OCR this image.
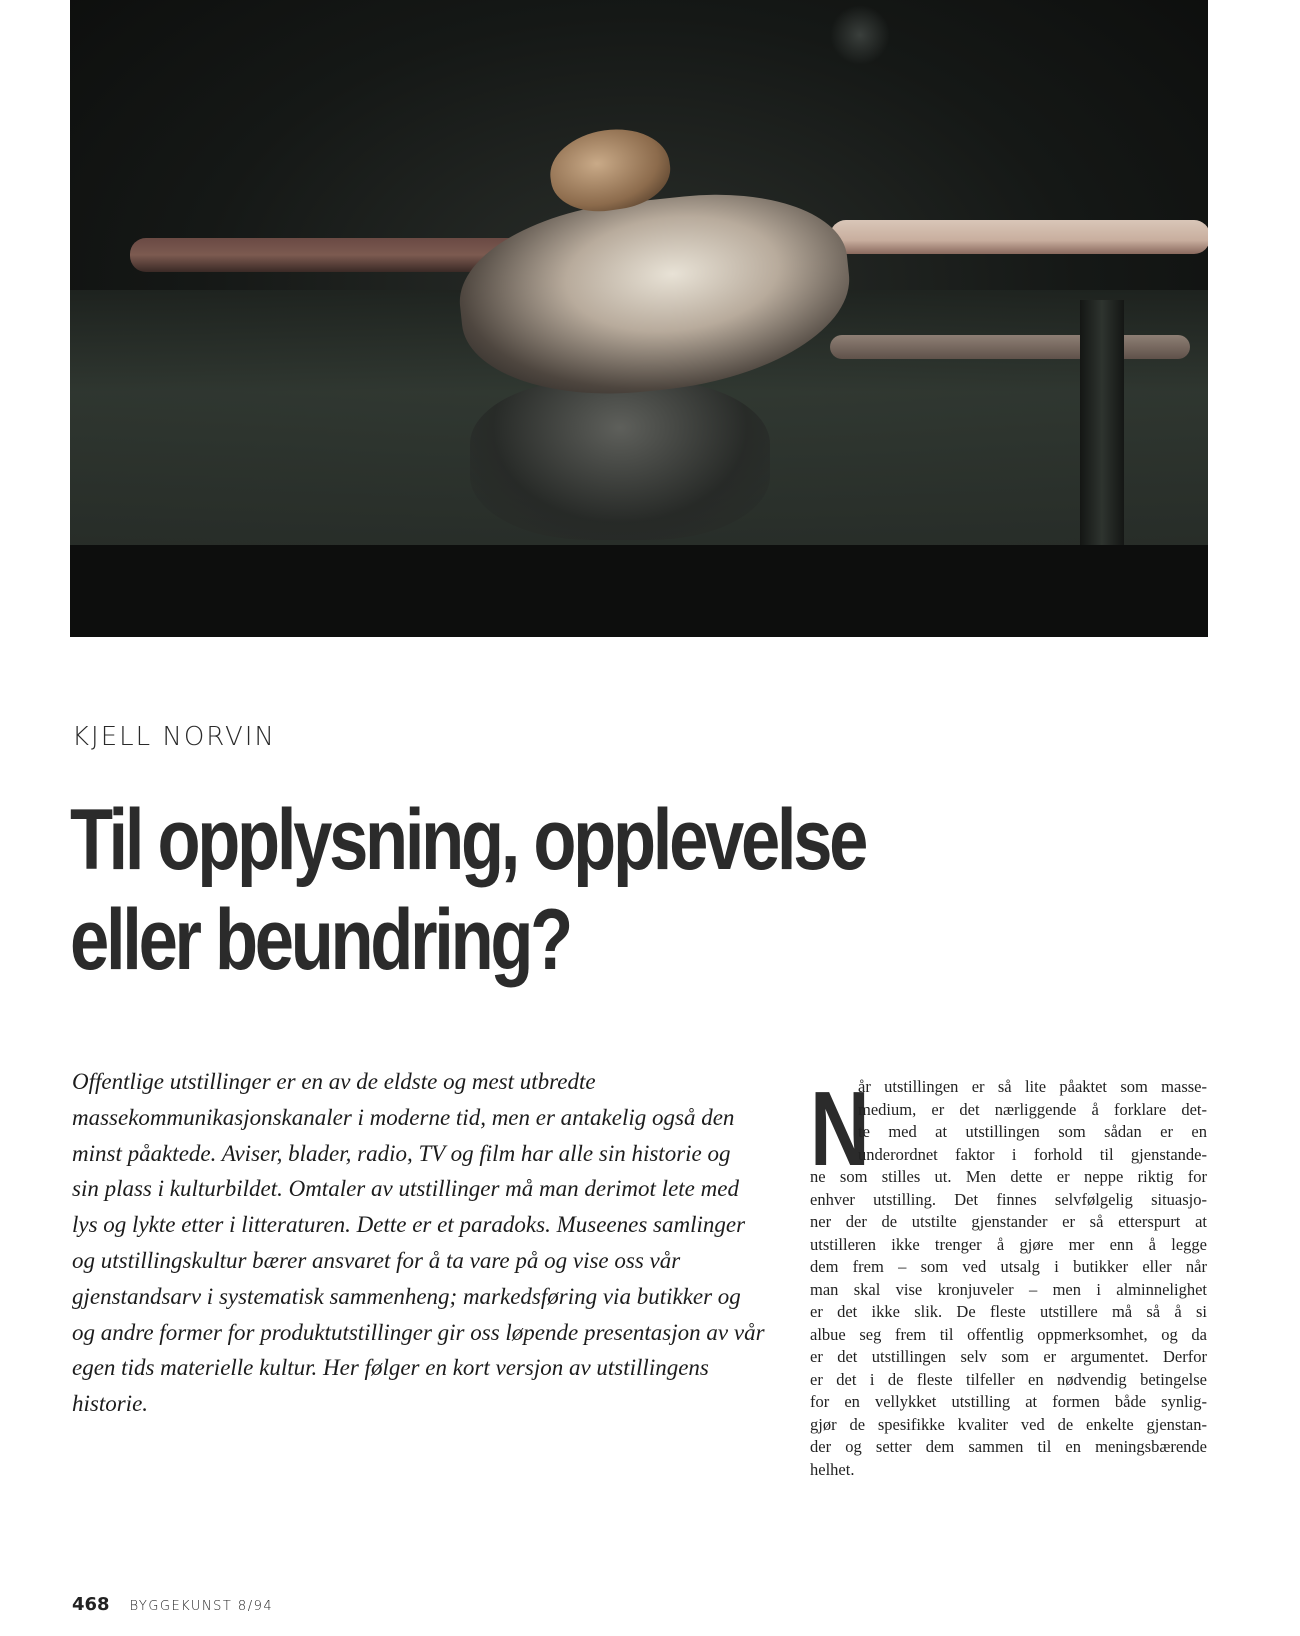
KJELL NORVIN
Til opplysning, opplevelse
eller beundring?
Offentlige utstillinger er en av de eldste og mest utbredte
massekommunikasjonskanaler i moderne tid, men er antakelig også den
minst påaktede. Aviser, blader, radio, TV og film har alle sin historie og
sin plass i kulturbildet. Omtaler av utstillinger må man derimot lete med
lys og lykte etter i litteraturen. Dette er et paradoks. Museenes samlinger
og utstillingskultur bærer ansvaret for å ta vare på og vise oss vår
gjenstandsarv i systematisk sammenheng; markedsføring via butikker og
og andre former for produktutstillinger gir oss løpende presentasjon av vår
egen tids materielle kultur. Her følger en kort versjon av utstillingens
historie.
N
år utstillingen er så lite påaktet som masse-
medium, er det nærliggende å forklare det-
te med at utstillingen som sådan er en
underordnet faktor i forhold til gjenstande-
ne som stilles ut. Men dette er neppe riktig for
enhver utstilling. Det finnes selvfølgelig situasjo-
ner der de utstilte gjenstander er så etterspurt at
utstilleren ikke trenger å gjøre mer enn å legge
dem frem – som ved utsalg i butikker eller når
man skal vise kronjuveler – men i alminnelighet
er det ikke slik. De fleste utstillere må så å si
albue seg frem til offentlig oppmerksomhet, og da
er det utstillingen selv som er argumentet. Derfor
er det i de fleste tilfeller en nødvendig betingelse
for en vellykket utstilling at formen både synlig-
gjør de spesifikke kvaliter ved de enkelte gjenstan-
der og setter dem sammen til en meningsbærende
helhet.
468 BYGGEKUNST 8/94
